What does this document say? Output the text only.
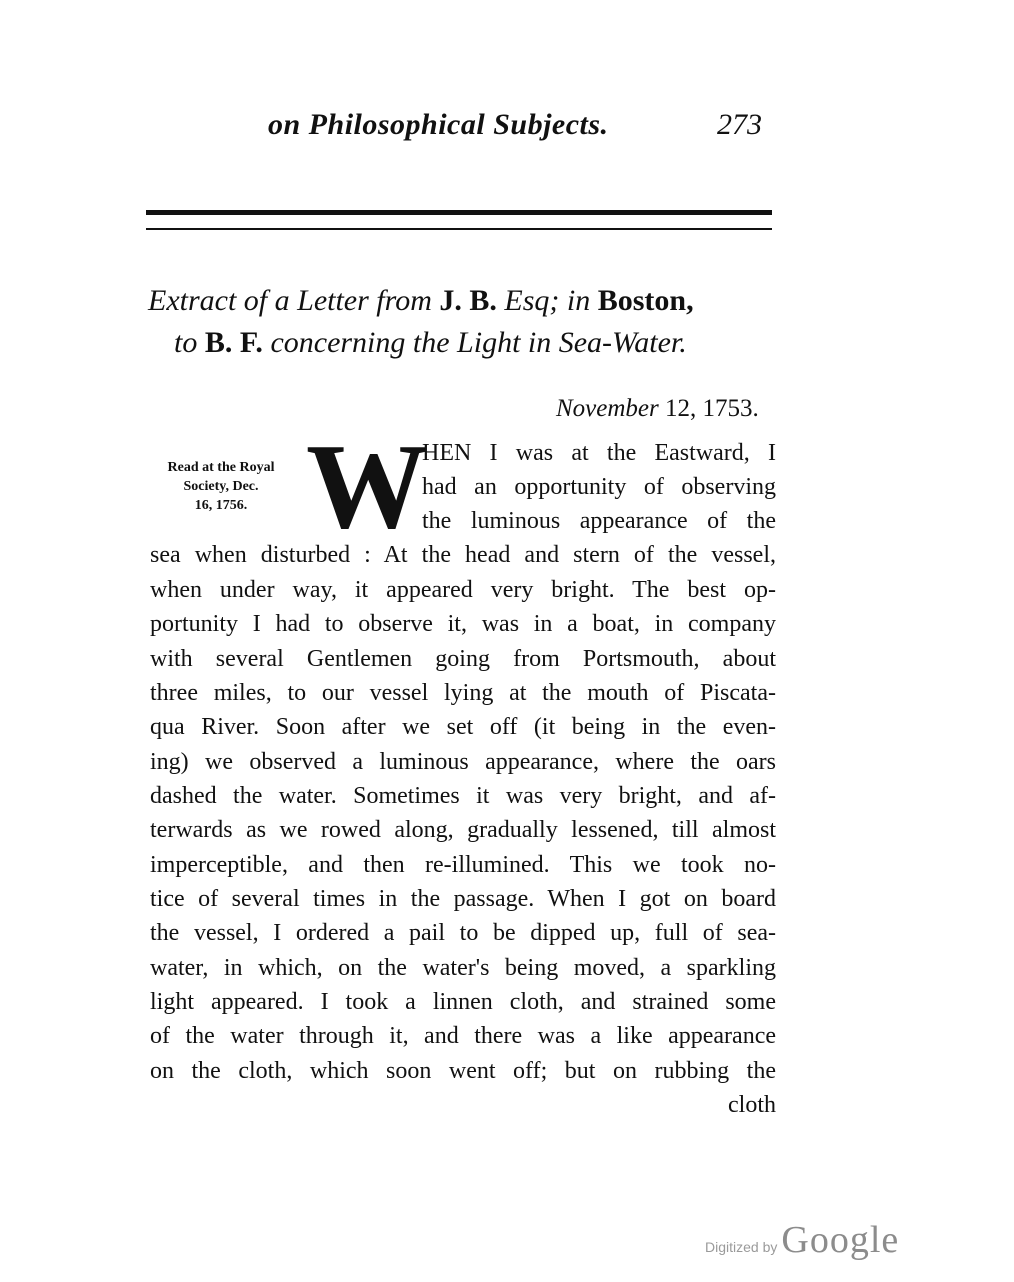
on Philosophical Subjects.	273
Extract of a Letter from J. B. Esq; in Boston,
to B. F. concerning the Light in Sea-Water.
November 12, 1753.
Read at the Royal
Society, Dec.
16, 1756. W
HEN I was at the Eastward, I
had an opportunity of observing
the luminous appearance of the
sea when disturbed : At the head and stern of the vessel,
when under way, it appeared very bright. The best op-
portunity I had to observe it, was in a boat, in company
with several Gentlemen going from Portsmouth, about
three miles, to our vessel lying at the mouth of Piscata-
qua River. Soon after we set off (it being in the even-
ing) we observed a luminous appearance, where the oars
dashed the water. Sometimes it was very bright, and af-
terwards as we rowed along, gradually lessened, till almost
imperceptible, and then re-illumined. This we took no-
tice of several times in the passage. When I got on board
the vessel, I ordered a pail to be dipped up, full of sea-
water, in which, on the water's being moved, a sparkling
light appeared. I took a linnen cloth, and strained some
of the water through it, and there was a like appearance
on the cloth, which soon went off; but on rubbing the
cloth
Digitized by Google
